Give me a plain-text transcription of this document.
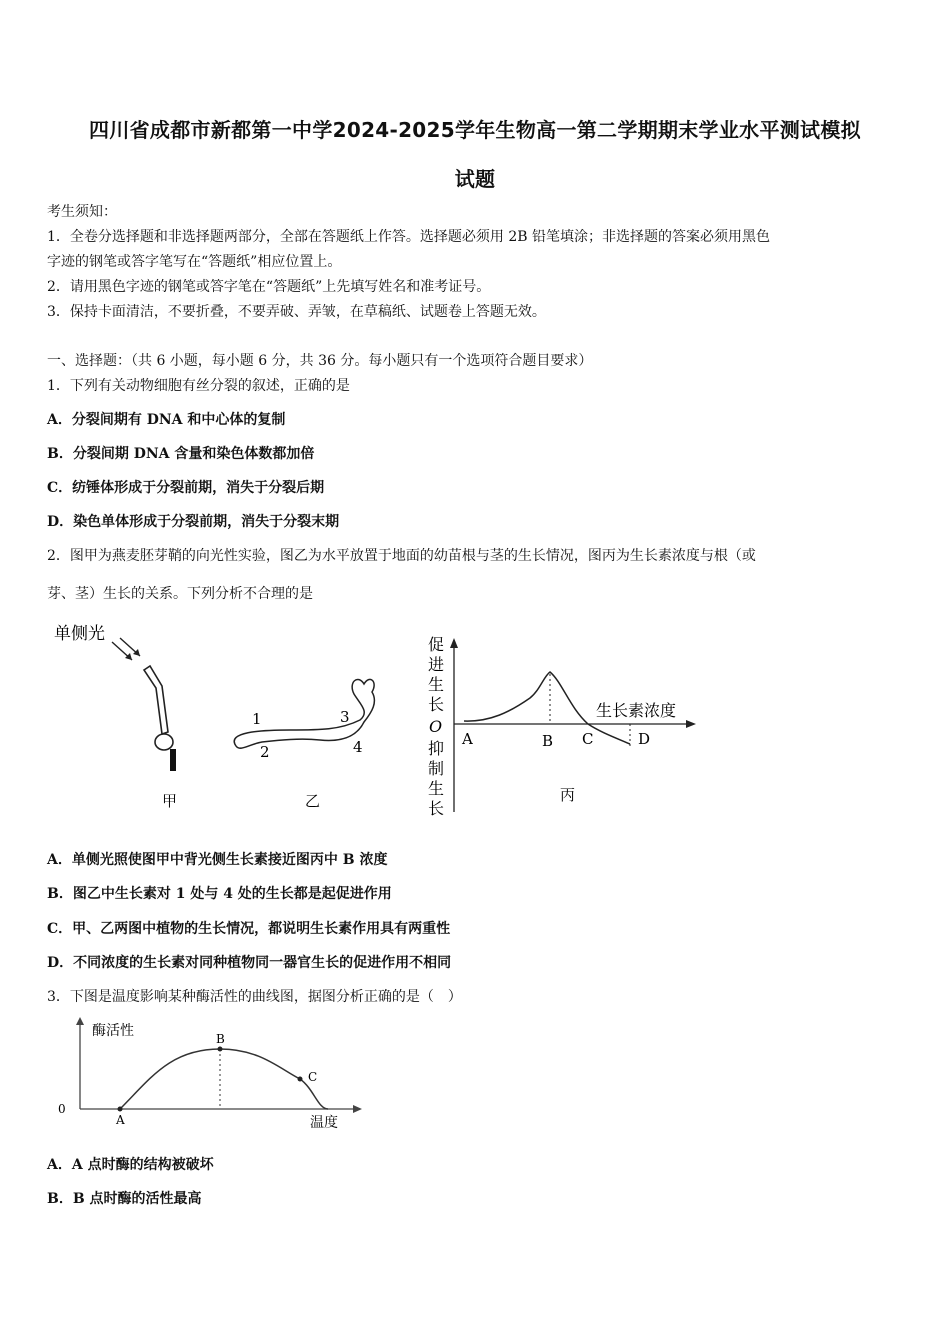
四川省成都市新都第一中学2024-2025学年生物高一第二学期期末学业水平测试模拟
试题
考生须知：
1．全卷分选择题和非选择题两部分，全部在答题纸上作答。选择题必须用 2B 铅笔填涂；非选择题的答案必须用黑色
字迹的钢笔或答字笔写在“答题纸”相应位置上。
2．请用黑色字迹的钢笔或答字笔在“答题纸”上先填写姓名和准考证号。
3．保持卡面清洁，不要折叠，不要弄破、弄皱，在草稿纸、试题卷上答题无效。
一、选择题：（共 6 小题，每小题 6 分，共 36 分。每小题只有一个选项符合题目要求）
1．下列有关动物细胞有丝分裂的叙述，正确的是
A．分裂间期有 DNA 和中心体的复制
B．分裂间期 DNA 含量和染色体数都加倍
C．纺锤体形成于分裂前期，消失于分裂后期
D．染色单体形成于分裂前期，消失于分裂末期
2．图甲为燕麦胚芽鞘的向光性实验，图乙为水平放置于地面的幼苗根与茎的生长情况，图丙为生长素浓度与根（或
芽、茎）生长的关系。下列分析不合理的是
单侧光
甲
1
2
3
4
乙
促
进
生
长
O
抑
制
生
长
生长素浓度
A	B C	D
丙
A．单侧光照使图甲中背光侧生长素接近图丙中 B 浓度
B．图乙中生长素对 1 处与 4 处的生长都是起促进作用
C．甲、乙两图中植物的生长情况，都说明生长素作用具有两重性
D．不同浓度的生长素对同种植物同一器官生长的促进作用不相同
3．下图是温度影响某种酶活性的曲线图，据图分析正确的是（　）
酶活性
温度
0
A
B
C
A．A 点时酶的结构被破坏
B．B 点时酶的活性最高
